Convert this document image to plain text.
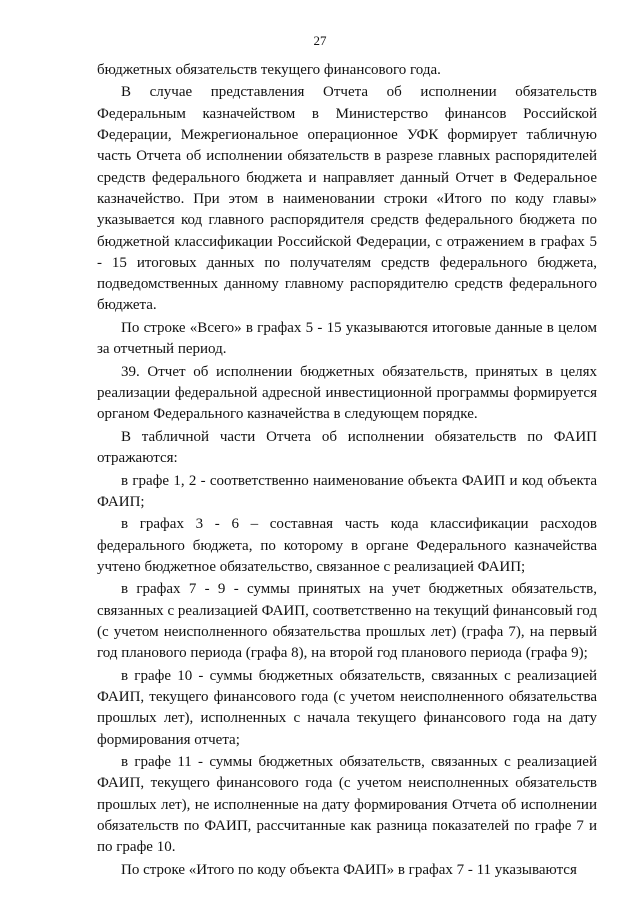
27

бюджетных обязательств текущего финансового года.

В случае представления Отчета об исполнении обязательств Федеральным казначейством в Министерство финансов Российской Федерации, Межрегиональное операционное УФК формирует табличную часть Отчета об исполнении обязательств в разрезе главных распорядителей средств федерального бюджета и направляет данный Отчет в Федеральное казначейство. При этом в наименовании строки «Итого по коду главы» указывается код главного распорядителя средств федерального бюджета по бюджетной классификации Российской Федерации, с отражением в графах 5 - 15 итоговых данных по получателям средств федерального бюджета, подведомственных данному главному распорядителю средств федерального бюджета.

По строке «Всего» в графах 5 - 15 указываются итоговые данные в целом за отчетный период.

39. Отчет об исполнении бюджетных обязательств, принятых в целях реализации федеральной адресной инвестиционной программы формируется органом Федерального казначейства в следующем порядке.

В табличной части Отчета об исполнении обязательств по ФАИП отражаются:

в графе 1, 2 - соответственно наименование объекта ФАИП и код объекта ФАИП;

в графах 3 - 6 – составная часть кода классификации расходов федерального бюджета, по которому в органе Федерального казначейства учтено бюджетное обязательство, связанное с реализацией ФАИП;

в графах 7 - 9 - суммы принятых на учет бюджетных обязательств, связанных с реализацией ФАИП, соответственно на текущий финансовый год (с учетом неисполненного обязательства прошлых лет) (графа 7), на первый год планового периода (графа 8), на второй год планового периода (графа 9);

в графе 10 - суммы бюджетных обязательств, связанных с реализацией ФАИП, текущего финансового года (с учетом неисполненного обязательства прошлых лет), исполненных с начала текущего финансового года на дату формирования отчета;

в графе 11 - суммы бюджетных обязательств, связанных с реализацией ФАИП, текущего финансового года (с учетом неисполненных обязательств прошлых лет), не исполненные на дату формирования Отчета об исполнении обязательств по ФАИП, рассчитанные как разница показателей по графе 7 и по графе 10.

По строке «Итого по коду объекта ФАИП» в графах 7 - 11 указываются
